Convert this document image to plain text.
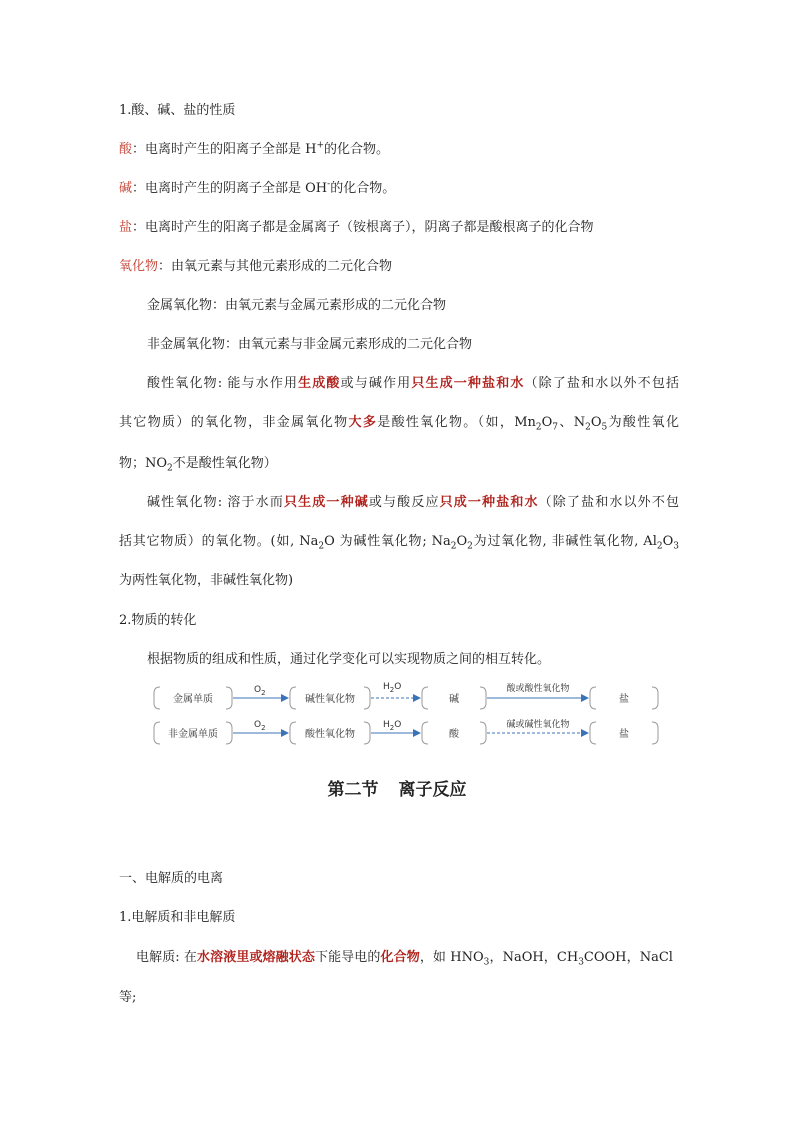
1.酸、碱、盐的性质
酸：电离时产生的阳离子全部是 H+的化合物。
碱：电离时产生的阴离子全部是 OH-的化合物。
盐：电离时产生的阳离子都是金属离子（铵根离子），阴离子都是酸根离子的化合物
氧化物：由氧元素与其他元素形成的二元化合物
金属氧化物：由氧元素与金属元素形成的二元化合物
非金属氧化物：由氧元素与非金属元素形成的二元化合物
酸性氧化物: 能与水作用生成酸或与碱作用只生成一种盐和水（除了盐和水以外不包括
其它物质）的氧化物，非金属氧化物大多是酸性氧化物。（如，$Mn_2O_7$、$N_2O_5$为酸性氧化
物；$NO_2$不是酸性氧化物）
碱性氧化物: 溶于水而只生成一种碱或与酸反应只成一种盐和水（除了盐和水以外不包
括其它物质）的氧化物。(如, $Na_2O$ 为碱性氧化物; $Na_2O_2$为过氧化物, 非碱性氧化物, $Al_2O_3$
为两性氧化物，非碱性氧化物)
2.物质的转化
根据物质的组成和性质，通过化学变化可以实现物质之间的相互转化。
金属单质
$O_2$
碱性氧化物
$H_2O$
碱
酸或酸性氧化物
盐
非金属单质
$O_2$
酸性氧化物
$H_2O$
酸
碱或碱性氧化物
盐
第二节 离子反应
一、电解质的电离
1.电解质和非电解质
电解质: 在水溶液里或熔融状态下能导电的化合物，如 $HNO_3$，NaOH，$CH_3COOH$，NaCl
等;
